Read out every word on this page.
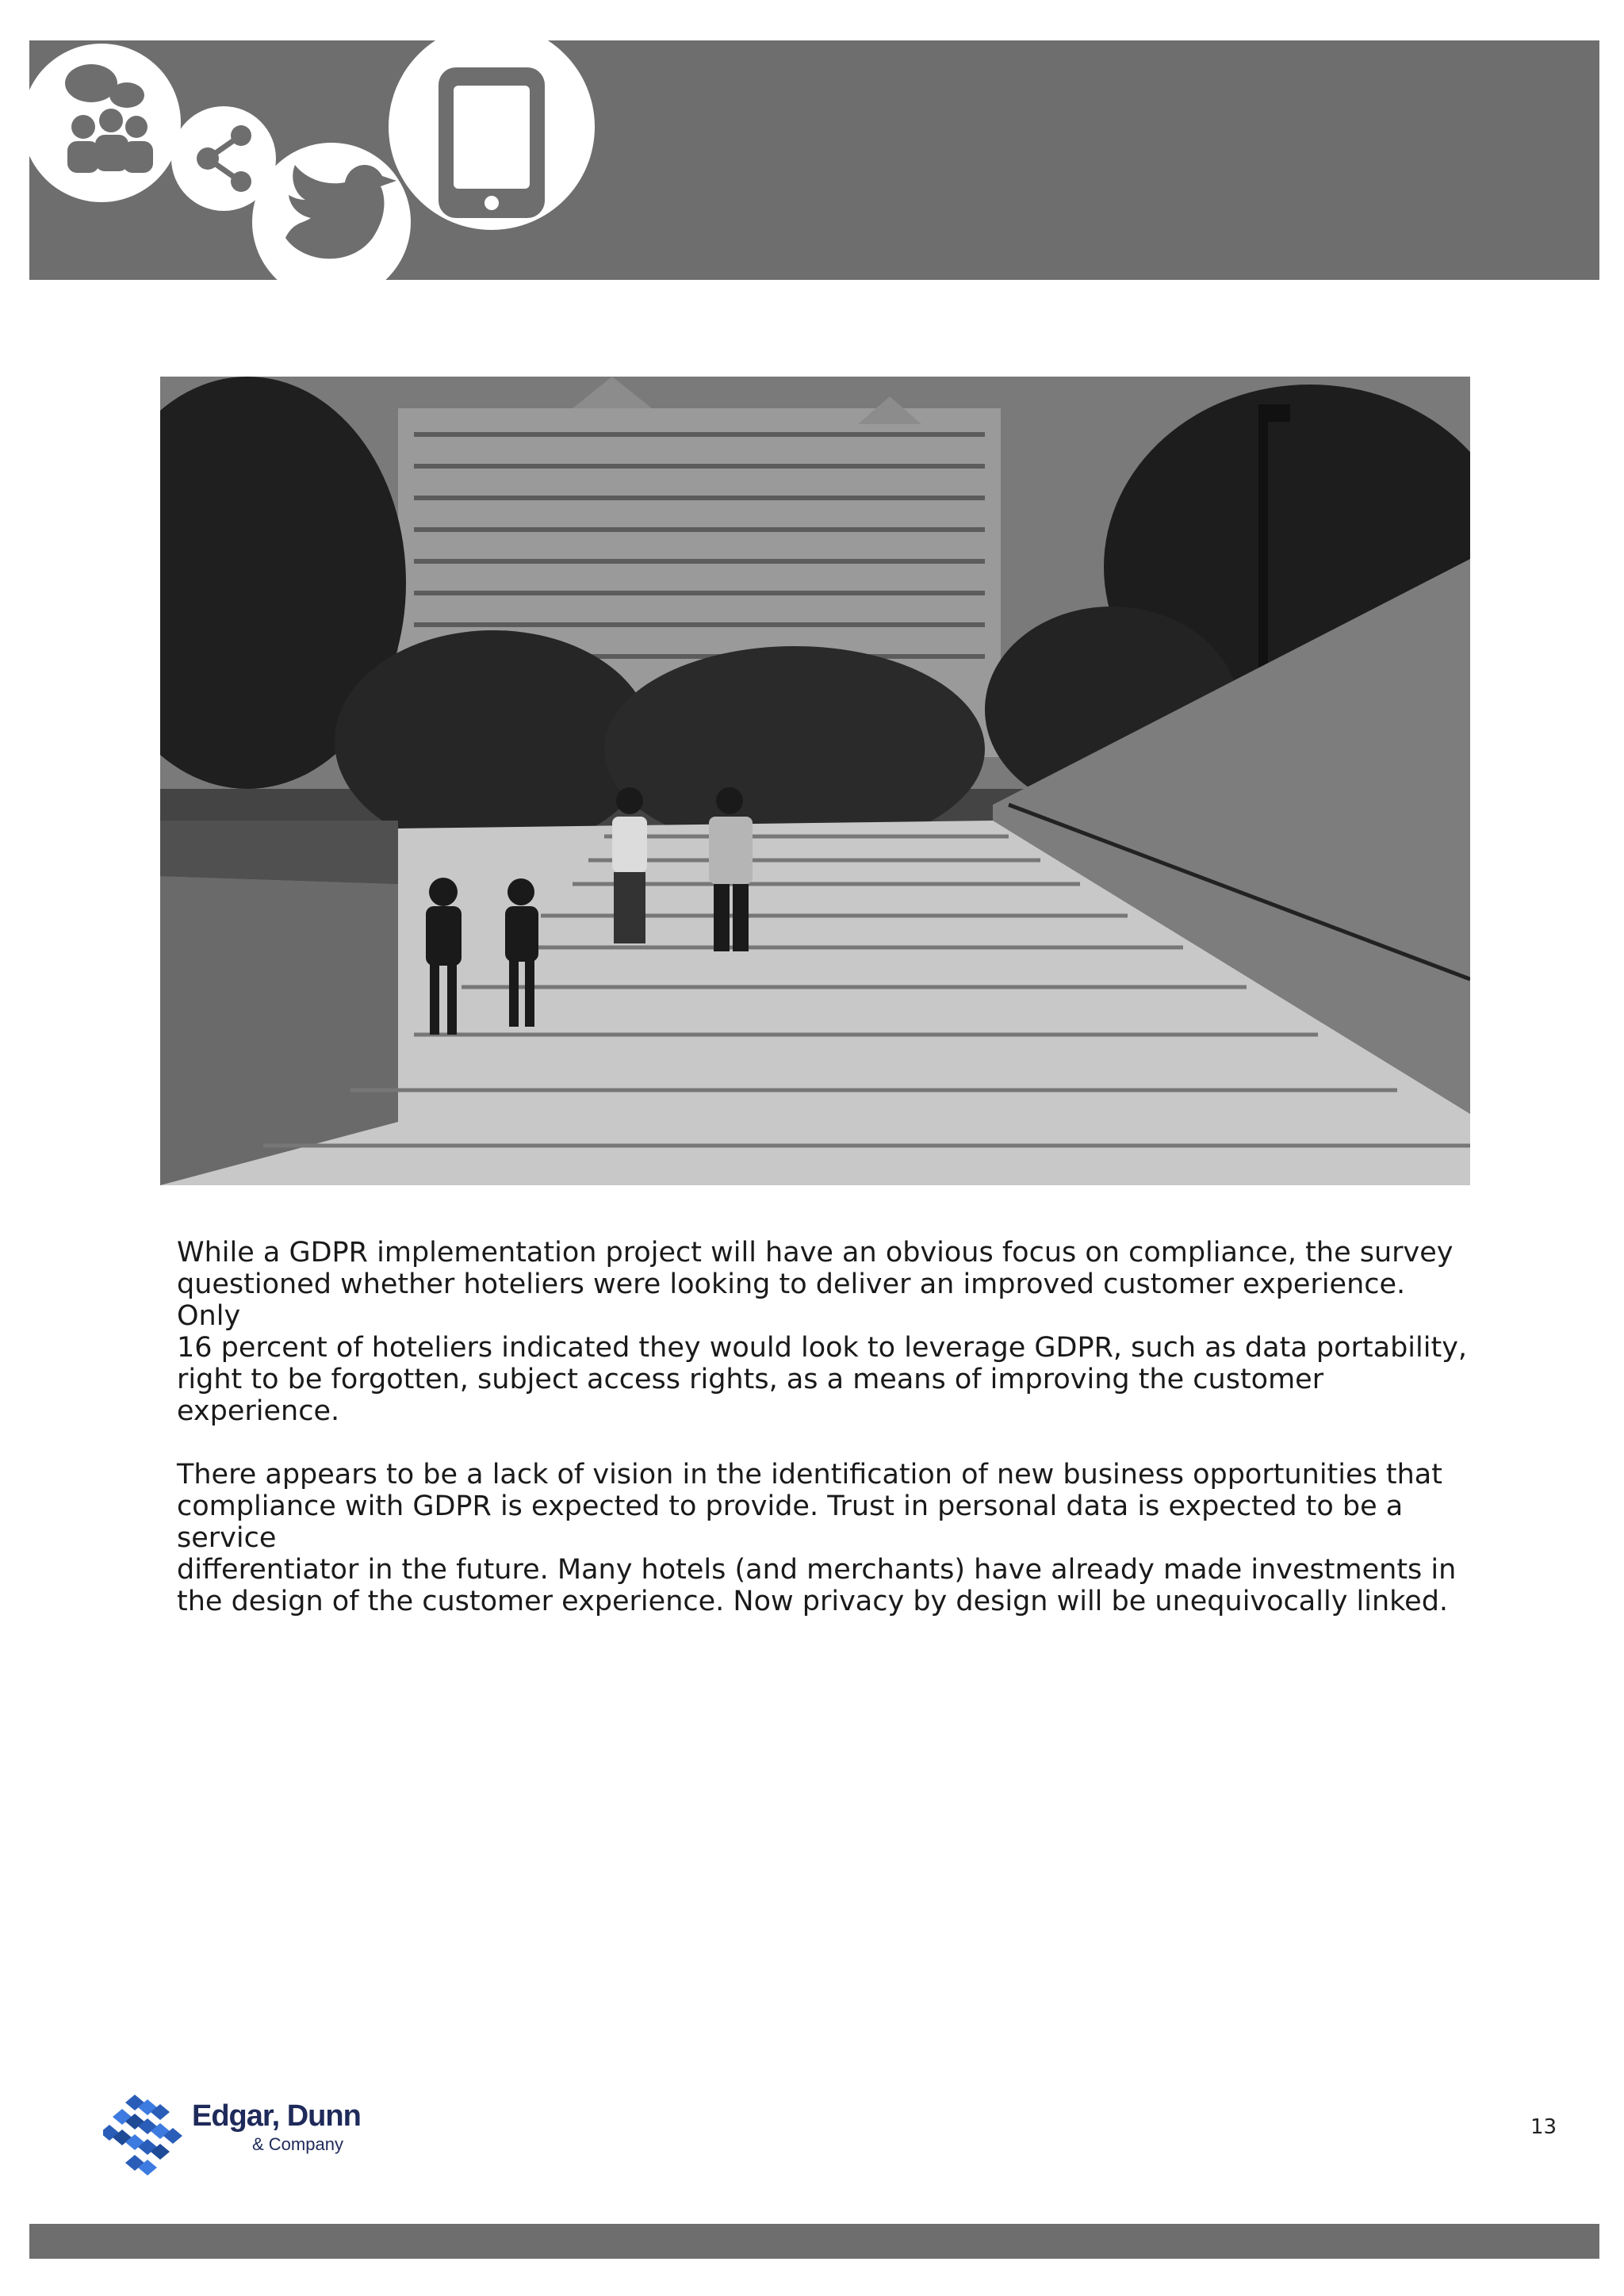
While a GDPR implementation project will have an obvious focus on compliance, the survey
questioned whether hoteliers were looking to deliver an improved customer experience. Only
16 percent of hoteliers indicated they would look to leverage GDPR, such as data portability,
right to be forgotten, subject access rights, as a means of improving the customer experience.

There appears to be a lack of vision in the identification of new business opportunities that
compliance with GDPR is expected to provide. Trust in personal data is expected to be a service
differentiator in the future. Many hotels (and merchants) have already made investments in
the design of the customer experience. Now privacy by design will be unequivocally linked.

Edgar, Dunn
& Company
13
